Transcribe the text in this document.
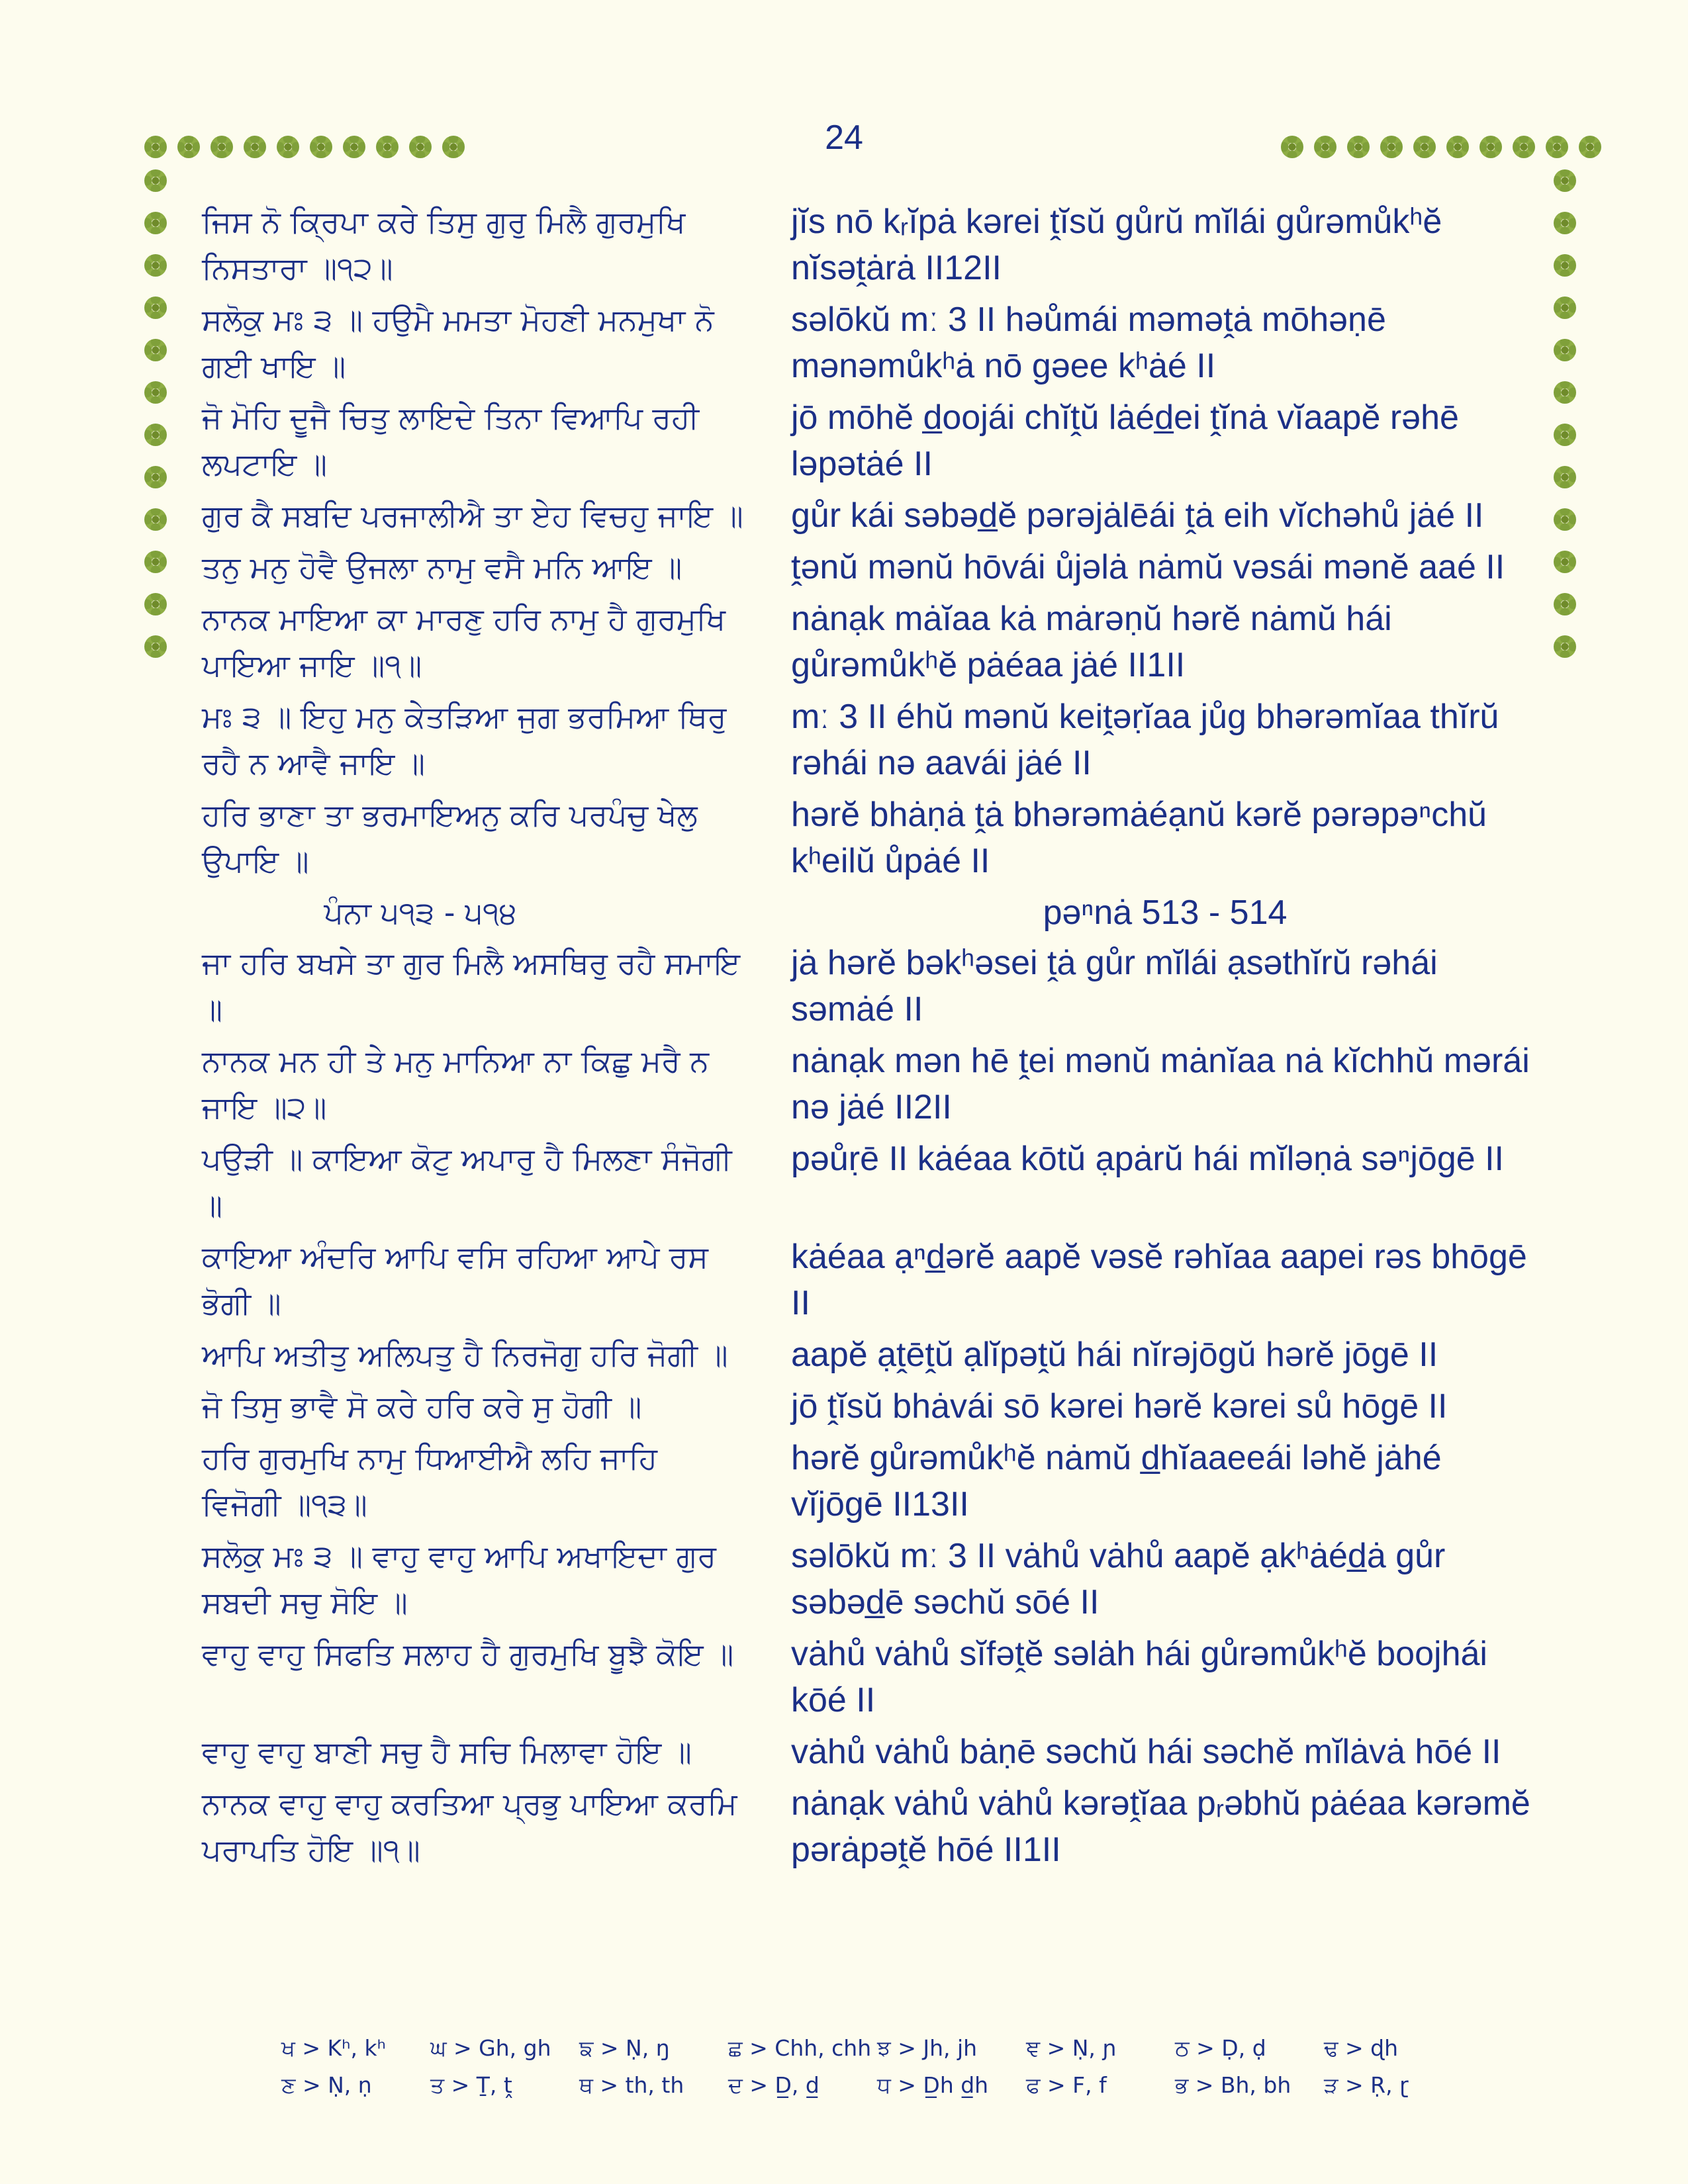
24
ਜਿਸ ਨੋ ਕ੍ਰਿਪਾ ਕਰੇ ਤਿਸੁ ਗੁਰੁ ਮਿਲੈ ਗੁਰਮੁਖਿ ਨਿਸਤਾਰਾ ॥੧੨॥
jĭs nō kᵣĭpȧ kərei ṱĭsŭ gůrŭ mĭlái gůrəmůkʰĕ nĭsəṱȧrȧ II12II
ਸਲੋਕੁ ਮਃ ੩ ॥ ਹਉਮੈ ਮਮਤਾ ਮੋਹਣੀ ਮਨਮੁਖਾ ਨੋ ਗਈ ਖਾਇ ॥
səlōkŭ mː 3 II həůmái məməṱȧ mōhəṇē mənəmůkʰȧ nō gəee kʰȧé II
ਜੋ ਮੋਹਿ ਦੂਜੈ ਚਿਤੁ ਲਾਇਦੇ ਤਿਨਾ ਵਿਆਪਿ ਰਹੀ ਲਪਟਾਇ ॥
jō mōhĕ d̲oojái chĭṱŭ lȧéd̲ei ṱĭnȧ vĭaapĕ rəhē ləpətȧé II
ਗੁਰ ਕੈ ਸਬਦਿ ਪਰਜਾਲੀਐ ਤਾ ਏਹ ਵਿਚਹੁ ਜਾਇ ॥ gůr kái səbəd̲ĕ pərəjȧlēái ṱȧ eih vĭchəhů jȧé II
ਤਨੁ ਮਨੁ ਹੋਵੈ ਉਜਲਾ ਨਾਮੁ ਵਸੈ ਮਨਿ ਆਇ ॥	ṱənŭ mənŭ hōvái ůjəlȧ nȧmŭ vəsái mənĕ aaé II
ਨਾਨਕ ਮਾਇਆ ਕਾ ਮਾਰਣੁ ਹਰਿ ਨਾਮੁ ਹੈ ਗੁਰਮੁਖਿ ਪਾਇਆ ਜਾਇ ॥੧॥
nȧnạk mȧĭaa kȧ mȧrəṇŭ hərĕ nȧmŭ hái gůrəmůkʰĕ pȧéaa jȧé II1II
ਮਃ ੩ ॥ ਇਹੁ ਮਨੁ ਕੇਤੜਿਆ ਜੁਗ ਭਰਮਿਆ ਥਿਰੁ ਰਹੈ ਨ ਆਵੈ ਜਾਇ ॥
mː 3 II éhŭ mənŭ keiṱəṛĭaa jůg bhərəmĭaa thĭrŭ rəhái nə aavái jȧé II
ਹਰਿ ਭਾਣਾ ਤਾ ਭਰਮਾਇਅਨੁ ਕਰਿ ਪਰਪੰਚੁ ਖੇਲੁ ਉਪਾਇ ॥
hərĕ bhȧṇȧ ṱȧ bhərəmȧéạnŭ kərĕ pərəpəⁿchŭ kʰeilŭ ůpȧé II
ਪੰਨਾ ੫੧੩ - ੫੧੪	pəⁿnȧ 513 - 514
ਜਾ ਹਰਿ ਬਖਸੇ ਤਾ ਗੁਰ ਮਿਲੈ ਅਸਥਿਰੁ ਰਹੈ ਸਮਾਇ ॥
jȧ hərĕ bəkʰəsei ṱȧ gůr mĭlái ạsəthĭrŭ rəhái səmȧé II
ਨਾਨਕ ਮਨ ਹੀ ਤੇ ਮਨੁ ਮਾਨਿਆ ਨਾ ਕਿਛੁ ਮਰੈ ਨ ਜਾਇ ॥੨॥
nȧnạk mən hē ṱei mənŭ mȧnĭaa nȧ kĭchhŭ mərái nə jȧé II2II
ਪਉੜੀ ॥ ਕਾਇਆ ਕੋਟੁ ਅਪਾਰੁ ਹੈ ਮਿਲਣਾ ਸੰਜੋਗੀ ॥
pəůṛē II kȧéaa kōtŭ ạpȧrŭ hái mĭləṇȧ səⁿjōgē II
ਕਾਇਆ ਅੰਦਰਿ ਆਪਿ ਵਸਿ ਰਹਿਆ ਆਪੇ ਰਸ ਭੋਗੀ ॥
kȧéaa ạⁿd̲ərĕ aapĕ vəsĕ rəhĭaa aapei rəs bhōgē II
ਆਪਿ ਅਤੀਤੁ ਅਲਿਪਤੁ ਹੈ ਨਿਰਜੋਗੁ ਹਰਿ ਜੋਗੀ ॥	aapĕ ạṱēṱŭ ạlĭpəṱŭ hái nĭrəjōgŭ hərĕ jōgē II
ਜੋ ਤਿਸੁ ਭਾਵੈ ਸੋ ਕਰੇ ਹਰਿ ਕਰੇ ਸੁ ਹੋਗੀ ॥	jō ṱĭsŭ bhȧvái sō kərei hərĕ kərei sů hōgē II
ਹਰਿ ਗੁਰਮੁਖਿ ਨਾਮੁ ਧਿਆਈਐ ਲਹਿ ਜਾਹਿ ਵਿਜੋਗੀ ॥੧੩॥
hərĕ gůrəmůkʰĕ nȧmŭ d̲hĭaaeeái ləhĕ jȧhé vĭjōgē II13II
ਸਲੋਕੁ ਮਃ ੩ ॥ ਵਾਹੁ ਵਾਹੁ ਆਪਿ ਅਖਾਇਦਾ ਗੁਰ ਸਬਦੀ ਸਚੁ ਸੋਇ ॥
səlōkŭ mː 3 II vȧhů vȧhů aapĕ ạkʰȧéd̲ȧ gůr səbəd̲ē səchŭ sōé II
ਵਾਹੁ ਵਾਹੁ ਸਿਫਤਿ ਸਲਾਹ ਹੈ ਗੁਰਮੁਖਿ ਬੂਝੈ ਕੋਇ ॥	vȧhů vȧhů sĭfəṱĕ səlȧh hái gůrəmůkʰĕ boojhái kōé II
ਵਾਹੁ ਵਾਹੁ ਬਾਣੀ ਸਚੁ ਹੈ ਸਚਿ ਮਿਲਾਵਾ ਹੋਇ ॥	vȧhů vȧhů bȧṇē səchŭ hái səchĕ mĭlȧvȧ hōé II
ਨਾਨਕ ਵਾਹੁ ਵਾਹੁ ਕਰਤਿਆ ਪ੍ਰਭੁ ਪਾਇਆ ਕਰਮਿ ਪਰਾਪਤਿ ਹੋਇ ॥੧॥
nȧnạk vȧhů vȧhů kərəṱĭaa pᵣəbhŭ pȧéaa kərəmĕ pərȧpəṱĕ hōé II1II
ਖ > Kʰ, kʰ	ਘ > Gh, gh	ਙ > Ṇ, ŋ	ਛ > Chh, chh ਝ > Jh, jh	ਞ > Ṇ, ɲ	ਠ > Ḍ, ḍ	ਢ > ɖh
ਣ > Ṇ, ṇ	ਤ > Ṯ, ṱ	ਥ > th, th	ਦ > D̲, d̲	ਧ > D̲h d̲h	ਫ > F, f	ਭ > Bh, bh	ੜ > Ṛ, ɽ
